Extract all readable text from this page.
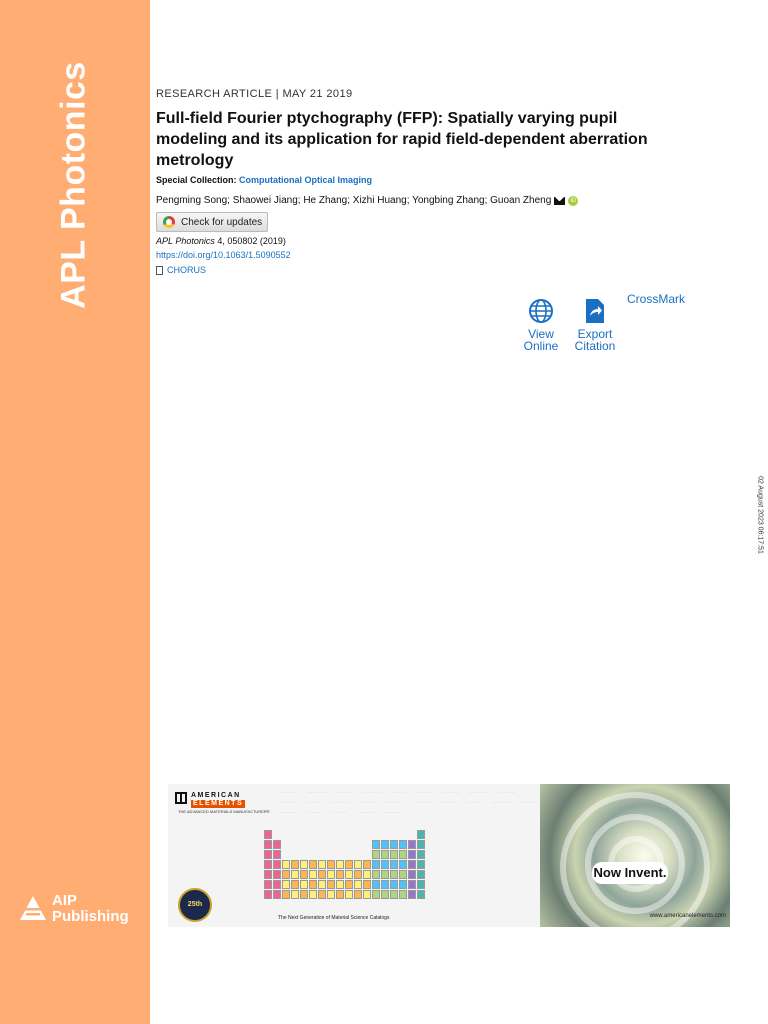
APL Photonics
AIP
Publishing
RESEARCH ARTICLE | MAY 21 2019
Full-field Fourier ptychography (FFP): Spatially varying pupil modeling and its application for rapid field-dependent aberration metrology
Special Collection: Computational Optical Imaging
Pengming Song; Shaowei Jiang; He Zhang; Xizhi Huang; Yongbing Zhang; Guoan Zheng	iD
Check for updates
APL Photonics 4, 050802 (2019)
https://doi.org/10.1063/1.5090552
CHORUS
View
Online
Export
Citation
CrossMark
02 August 2023 06:17:51
············ ············ ·········· ··········· ········· ··········· ·········· ············ ·········· ··········· ········· ············ ·········· ··········· ··········· ········· ·········· ············ ·········· ··········· ·········· ········· ··········· ··········
AMERICAN
ELEMENTS
THE ADVANCED MATERIALS MANUFACTURER®
25th
The Next Generation of Material Science Catalogs
Now Invent.
www.americanelements.com
